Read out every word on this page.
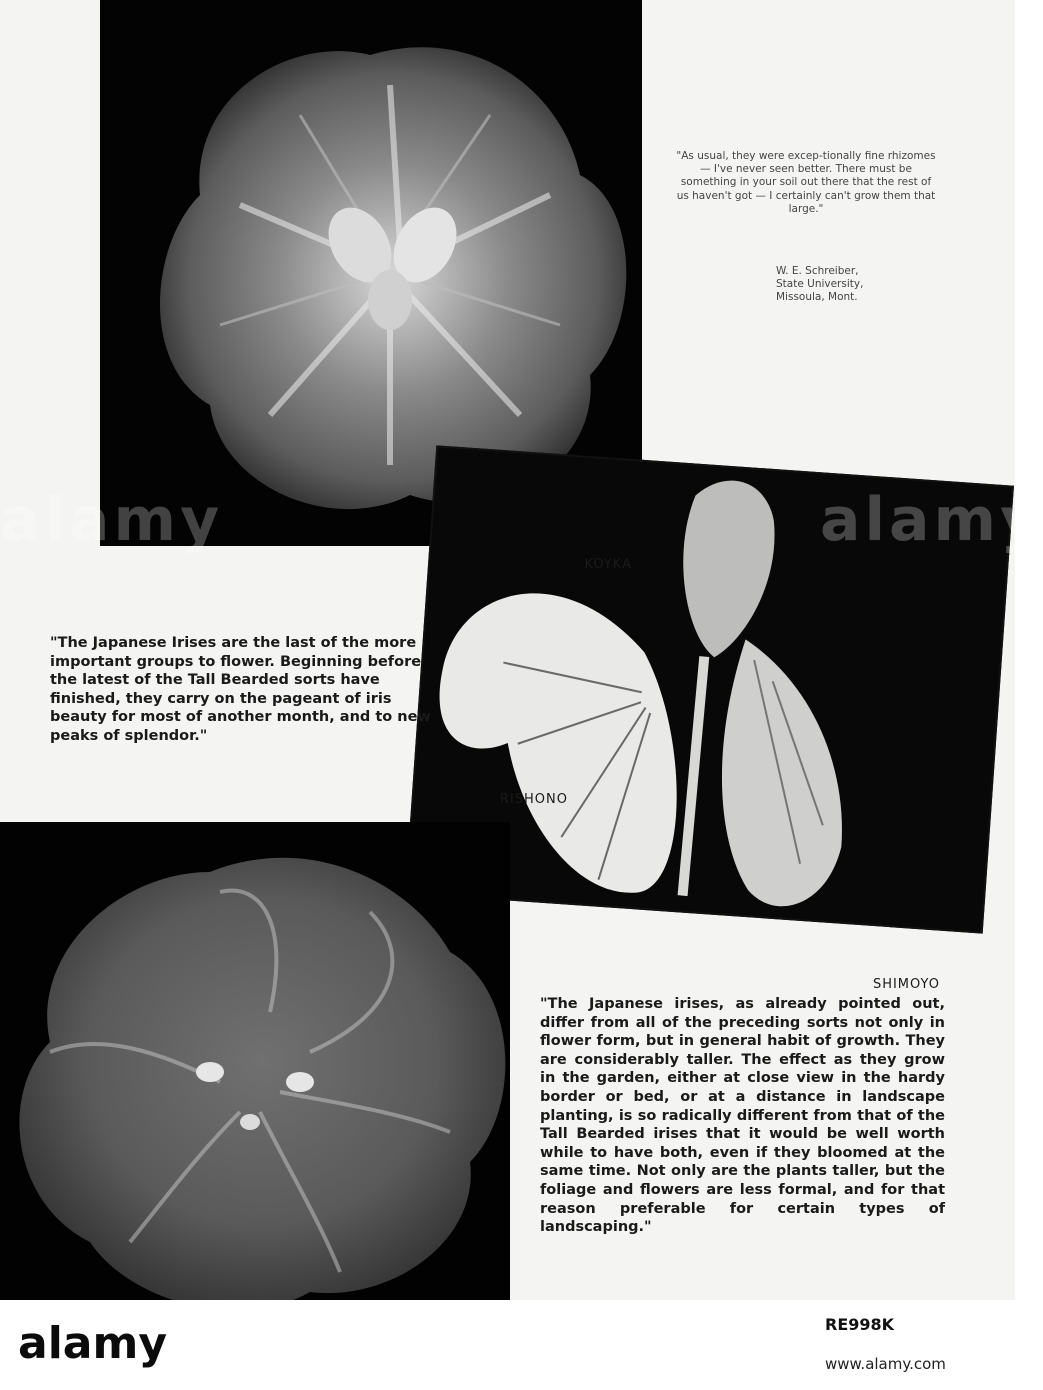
"As usual, they were excep-tionally fine rhizomes — I've never seen better. There must be something in your soil out there that the rest of us haven't got — I certainly can't grow them that large."
W. E. Schreiber,
State University,
Missoula, Mont.
KOYKA
RISHONO
SHIMOYO
"The Japanese Irises are the last of the more important groups to flower. Beginning before the latest of the Tall Bearded sorts have finished, they carry on the pageant of iris beauty for most of another month, and to new peaks of splendor."
"The Japanese irises, as already pointed out, differ from all of the preceding sorts not only in flower form, but in general habit of growth. They are considerably taller. The effect as they grow in the garden, either at close view in the hardy border or bed, or at a distance in landscape planting, is so radically different from that of the Tall Bearded irises that it would be well worth while to have both, even if they bloomed at the same time. Not only are the plants taller, but the foliage and flowers are less formal, and for that reason preferable for certain types of landscaping."
alamy	alamy
alamy	RE998K
www.alamy.com
